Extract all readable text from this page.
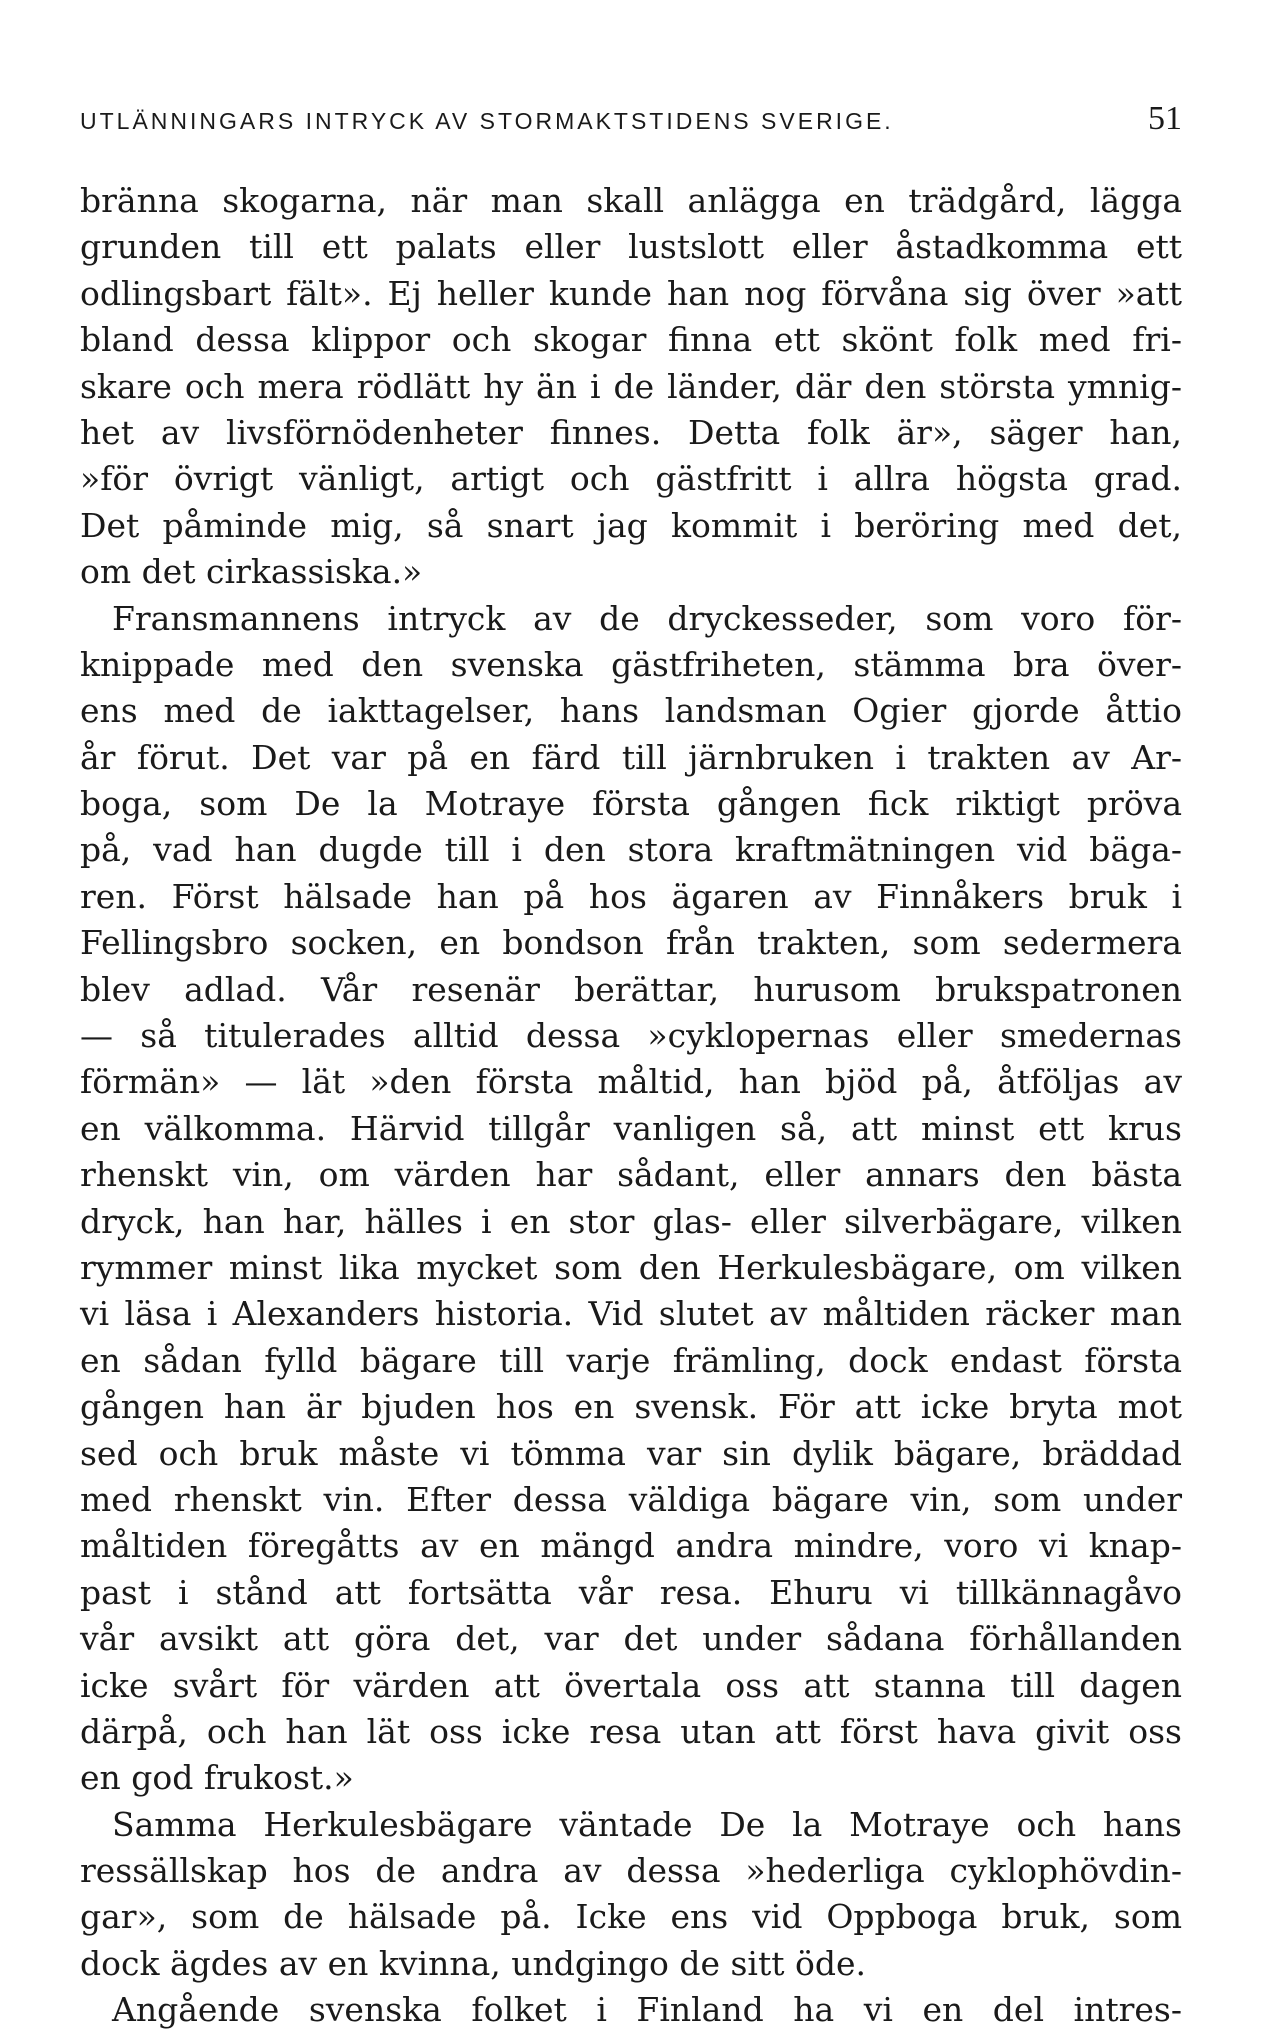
UTLÄNNINGARS INTRYCK AV STORMAKTSTIDENS SVERIGE.	51
bränna skogarna, när man skall anlägga en trädgård, lägga
grunden till ett palats eller lustslott eller åstadkomma ett
odlingsbart fält». Ej heller kunde han nog förvåna sig över »att
bland dessa klippor och skogar finna ett skönt folk med fri-
skare och mera rödlätt hy än i de länder, där den största ymnig-
het av livsförnödenheter finnes. Detta folk är», säger han,
»för övrigt vänligt, artigt och gästfritt i allra högsta grad.
Det påminde mig, så snart jag kommit i beröring med det,
om det cirkassiska.»
Fransmannens intryck av de dryckesseder, som voro för-
knippade med den svenska gästfriheten, stämma bra över-
ens med de iakttagelser, hans landsman Ogier gjorde åttio
år förut. Det var på en färd till järnbruken i trakten av Ar-
boga, som De la Motraye första gången fick riktigt pröva
på, vad han dugde till i den stora kraftmätningen vid bäga-
ren. Först hälsade han på hos ägaren av Finnåkers bruk i
Fellingsbro socken, en bondson från trakten, som sedermera
blev adlad. Vår resenär berättar, hurusom brukspatronen
— så titulerades alltid dessa »cyklopernas eller smedernas
förmän» — lät »den första måltid, han bjöd på, åtföljas av
en välkomma. Härvid tillgår vanligen så, att minst ett krus
rhenskt vin, om värden har sådant, eller annars den bästa
dryck, han har, hälles i en stor glas- eller silverbägare, vilken
rymmer minst lika mycket som den Herkulesbägare, om vilken
vi läsa i Alexanders historia. Vid slutet av måltiden räcker man
en sådan fylld bägare till varje främling, dock endast första
gången han är bjuden hos en svensk. För att icke bryta mot
sed och bruk måste vi tömma var sin dylik bägare, bräddad
med rhenskt vin. Efter dessa väldiga bägare vin, som under
måltiden föregåtts av en mängd andra mindre, voro vi knap-
past i stånd att fortsätta vår resa. Ehuru vi tillkännagåvo
vår avsikt att göra det, var det under sådana förhållanden
icke svårt för värden att övertala oss att stanna till dagen
därpå, och han lät oss icke resa utan att först hava givit oss
en god frukost.»
Samma Herkulesbägare väntade De la Motraye och hans
ressällskap hos de andra av dessa »hederliga cyklophövdin-
gar», som de hälsade på. Icke ens vid Oppboga bruk, som
dock ägdes av en kvinna, undgingo de sitt öde.
Angående svenska folket i Finland ha vi en del intres-
